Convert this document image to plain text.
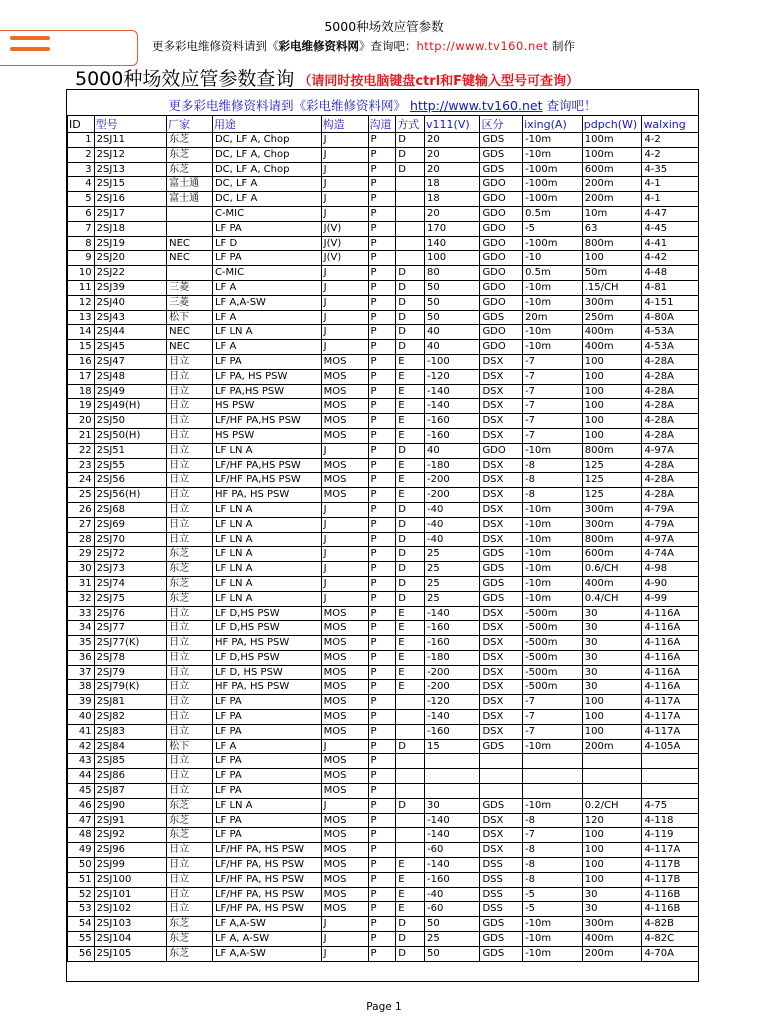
5000种场效应管参数
更多彩电维修资料请到《彩电维修资料网》查询吧：http://www.tv160.net 制作
5000种场效应管参数查询 （请同时按电脑键盘ctrl和F键输入型号可查询）
更多彩电维修资料请到《彩电维修资料网》 http://www.tv160.net 查询吧！
ID	型号	厂家	用途	构造	沟道	方式	v111(V)	区分	ixing(A)	pdpch(W)	walxing
1	2SJ11	东芝	DC, LF A, Chop	J	P	D	20	GDS	-10m	100m	4-2
2	2SJ12	东芝	DC, LF A, Chop	J	P	D	20	GDS	-10m	100m	4-2
3	2SJ13	东芝	DC, LF A, Chop	J	P	D	20	GDS	-100m	600m	4-35
4	2SJ15	富士通	DC, LF A	J	P		18	GDO	-100m	200m	4-1
5	2SJ16	富士通	DC, LF A	J	P		18	GDO	-100m	200m	4-1
6	2SJ17		C-MIC	J	P		20	GDO	0.5m	10m	4-47
7	2SJ18		LF PA	J(V)	P		170	GDO	-5	63	4-45
8	2SJ19	NEC	LF D	J(V)	P		140	GDO	-100m	800m	4-41
9	2SJ20	NEC	LF PA	J(V)	P		100	GDO	-10	100	4-42
10	2SJ22		C-MIC	J	P	D	80	GDO	0.5m	50m	4-48
11	2SJ39	三菱	LF A	J	P	D	50	GDO	-10m	.15/CH	4-81
12	2SJ40	三菱	LF A,A-SW	J	P	D	50	GDO	-10m	300m	4-151
13	2SJ43	松下	LF A	J	P	D	50	GDS	20m	250m	4-80A
14	2SJ44	NEC	LF LN A	J	P	D	40	GDO	-10m	400m	4-53A
15	2SJ45	NEC	LF A	J	P	D	40	GDO	-10m	400m	4-53A
16	2SJ47	日立	LF PA	MOS	P	E	-100	DSX	-7	100	4-28A
17	2SJ48	日立	LF PA, HS PSW	MOS	P	E	-120	DSX	-7	100	4-28A
18	2SJ49	日立	LF PA,HS PSW	MOS	P	E	-140	DSX	-7	100	4-28A
19	2SJ49(H)	日立	HS PSW	MOS	P	E	-140	DSX	-7	100	4-28A
20	2SJ50	日立	LF/HF PA,HS PSW	MOS	P	E	-160	DSX	-7	100	4-28A
21	2SJ50(H)	日立	HS PSW	MOS	P	E	-160	DSX	-7	100	4-28A
22	2SJ51	日立	LF LN A	J	P	D	40	GDO	-10m	800m	4-97A
23	2SJ55	日立	LF/HF PA,HS PSW	MOS	P	E	-180	DSX	-8	125	4-28A
24	2SJ56	日立	LF/HF PA,HS PSW	MOS	P	E	-200	DSX	-8	125	4-28A
25	2SJ56(H)	日立	HF PA, HS PSW	MOS	P	E	-200	DSX	-8	125	4-28A
26	2SJ68	日立	LF LN A	J	P	D	-40	DSX	-10m	300m	4-79A
27	2SJ69	日立	LF LN A	J	P	D	-40	DSX	-10m	300m	4-79A
28	2SJ70	日立	LF LN A	J	P	D	-40	DSX	-10m	800m	4-97A
29	2SJ72	东芝	LF LN A	J	P	D	25	GDS	-10m	600m	4-74A
30	2SJ73	东芝	LF LN A	J	P	D	25	GDS	-10m	0.6/CH	4-98
31	2SJ74	东芝	LF LN A	J	P	D	25	GDS	-10m	400m	4-90
32	2SJ75	东芝	LF LN A	J	P	D	25	GDS	-10m	0.4/CH	4-99
33	2SJ76	日立	LF D,HS PSW	MOS	P	E	-140	DSX	-500m	30	4-116A
34	2SJ77	日立	LF D,HS PSW	MOS	P	E	-160	DSX	-500m	30	4-116A
35	2SJ77(K)	日立	HF PA, HS PSW	MOS	P	E	-160	DSX	-500m	30	4-116A
36	2SJ78	日立	LF D,HS PSW	MOS	P	E	-180	DSX	-500m	30	4-116A
37	2SJ79	日立	LF D, HS PSW	MOS	P	E	-200	DSX	-500m	30	4-116A
38	2SJ79(K)	日立	HF PA, HS PSW	MOS	P	E	-200	DSX	-500m	30	4-116A
39	2SJ81	日立	LF PA	MOS	P		-120	DSX	-7	100	4-117A
40	2SJ82	日立	LF PA	MOS	P		-140	DSX	-7	100	4-117A
41	2SJ83	日立	LF PA	MOS	P		-160	DSX	-7	100	4-117A
42	2SJ84	松下	LF A	J	P	D	15	GDS	-10m	200m	4-105A
43	2SJ85	日立	LF PA	MOS	P						
44	2SJ86	日立	LF PA	MOS	P						
45	2SJ87	日立	LF PA	MOS	P						
46	2SJ90	东芝	LF LN A	J	P	D	30	GDS	-10m	0.2/CH	4-75
47	2SJ91	东芝	LF PA	MOS	P		-140	DSX	-8	120	4-118
48	2SJ92	东芝	LF PA	MOS	P		-140	DSX	-7	100	4-119
49	2SJ96	日立	LF/HF PA, HS PSW	MOS	P		-60	DSX	-8	100	4-117A
50	2SJ99	日立	LF/HF PA, HS PSW	MOS	P	E	-140	DSS	-8	100	4-117B
51	2SJ100	日立	LF/HF PA, HS PSW	MOS	P	E	-160	DSS	-8	100	4-117B
52	2SJ101	日立	LF/HF PA, HS PSW	MOS	P	E	-40	DSS	-5	30	4-116B
53	2SJ102	日立	LF/HF PA, HS PSW	MOS	P	E	-60	DSS	-5	30	4-116B
54	2SJ103	东芝	LF A,A-SW	J	P	D	50	GDS	-10m	300m	4-82B
55	2SJ104	东芝	LF A, A-SW	J	P	D	25	GDS	-10m	400m	4-82C
56	2SJ105	东芝	LF A,A-SW	J	P	D	50	GDS	-10m	200m	4-70A
Page 1
